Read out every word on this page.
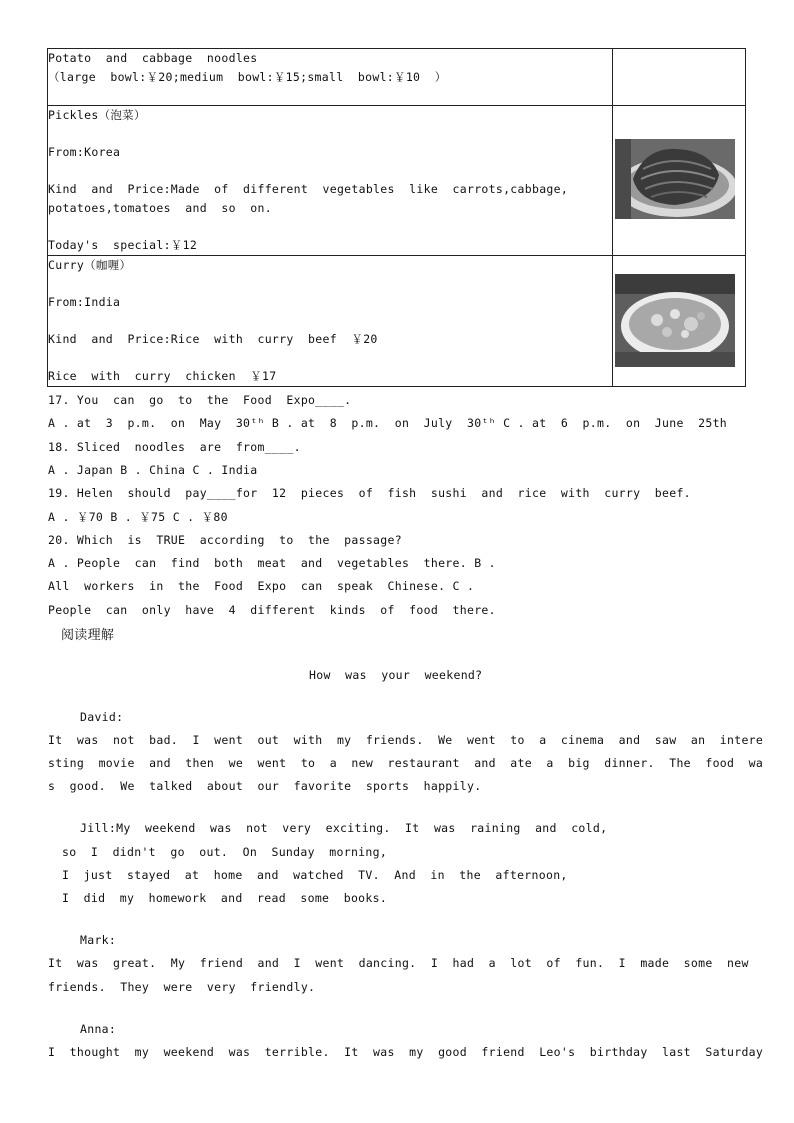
Potato  and  cabbage  noodles
（large  bowl:￥20;medium  bowl:￥15;small  bowl:￥10  ）	

Pickles（泡菜）
From:Korea
Kind  and  Price:Made  of  different  vegetables  like  carrots,cabbage,
potatoes,tomatoes  and  so  on.
Today's  special:￥12

Curry（咖喱）
From:India
Kind  and  Price:Rice  with  curry  beef  ￥20
Rice  with  curry  chicken  ￥17

17. You  can  go  to  the  Food  Expo____.
A . at  3  p.m.  on  May  30ᵗʰ B . at  8  p.m.  on  July  30ᵗʰ C . at  6  p.m.  on  June  25th
18. Sliced  noodles  are  from____.
A . Japan B . China C . India
19. Helen  should  pay____for  12  pieces  of  fish  sushi  and  rice  with  curry  beef.
A . ￥70 B . ￥75 C . ￥80
20. Which  is  TRUE  according  to  the  passage?
A . People  can  find  both  meat  and  vegetables  there. B .
All  workers  in  the  Food  Expo  can  speak  Chinese. C .
People  can  only  have  4  different  kinds  of  food  there.
阅读理解
How  was  your  weekend?
David:
It  was  not  bad.  I  went  out  with  my  friends.  We  went  to  a  cinema  and  saw  an  intere
sting  movie  and  then  we  went  to  a  new  restaurant  and  ate  a  big  dinner.  The  food  wa
s  good.  We  talked  about  our  favorite  sports  happily.
Jill:My  weekend  was  not  very  exciting.  It  was  raining  and  cold,
so  I  didn't  go  out.  On  Sunday  morning,
I  just  stayed  at  home  and  watched  TV.  And  in  the  afternoon,
I  did  my  homework  and  read  some  books.
Mark:
It  was  great.  My  friend  and  I  went  dancing.  I  had  a  lot  of  fun.  I  made  some  new
friends.  They  were  very  friendly.
Anna:
I  thought  my  weekend  was  terrible.  It  was  my  good  friend  Leo's  birthday  last  Saturday
